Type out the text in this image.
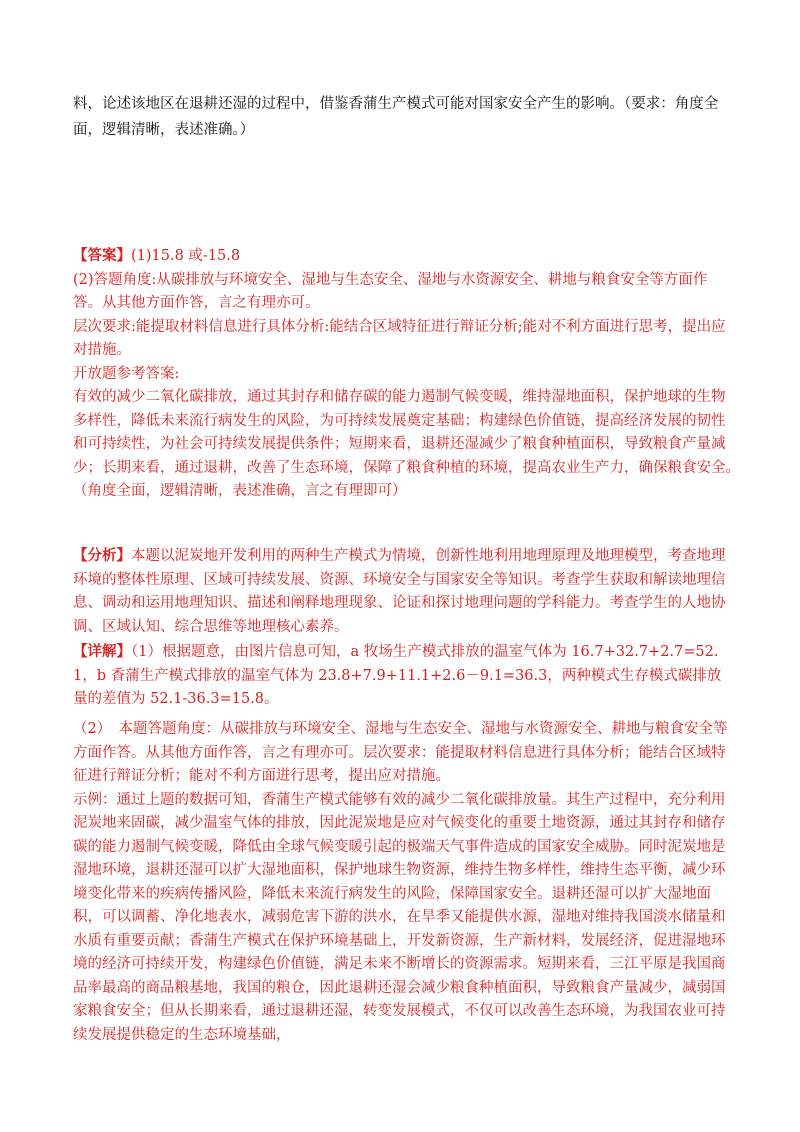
料，论述该地区在退耕还湿的过程中，借鉴香蒲生产模式可能对国家安全产生的影响。（要求：角度全面，逻辑清晰，表述准确。）

【答案】(1)15.8 或-15.8

(2)答题角度:从碳排放与环境安全、湿地与生态安全、湿地与水资源安全、耕地与粮食安全等方面作答。从其他方面作答，言之有理亦可。

层次要求:能提取材料信息进行具体分析:能结合区域特征进行辩证分析;能对不利方面进行思考，提出应对措施。

开放题参考答案:

有效的减少二氧化碳排放，通过其封存和储存碳的能力遏制气候变暖，维持湿地面积，保护地球的生物多样性，降低未来流行病发生的风险，为可持续发展奠定基础；构建绿色价值链，提高经济发展的韧性和可持续性，为社会可持续发展提供条件；短期来看，退耕还湿减少了粮食种植面积，导致粮食产量减少；长期来看，通过退耕，改善了生态环境，保障了粮食种植的环境，提高农业生产力，确保粮食安全。　（角度全面，逻辑清晰，表述准确，言之有理即可）

【分析】本题以泥炭地开发利用的两种生产模式为情境，创新性地利用地理原理及地理模型，考查地理环境的整体性原理、区域可持续发展、资源、环境安全与国家安全等知识。考查学生获取和解读地理信息、调动和运用地理知识、描述和阐释地理现象、论证和探讨地理问题的学科能力。考查学生的人地协调、区域认知、综合思维等地理核心素养。

【详解】（1）根据题意，由图片信息可知，a 牧场生产模式排放的温室气体为 16.7+32.7+2.7=52.1，b 香蒲生产模式排放的温室气体为 23.8+7.9+11.1+2.6－9.1=36.3，两种模式生存模式碳排放量的差值为 52.1-36.3=15.8。

（2）　本题答题角度：从碳排放与环境安全、湿地与生态安全、湿地与水资源安全、耕地与粮食安全等方面作答。从其他方面作答，言之有理亦可。层次要求：能提取材料信息进行具体分析；能结合区域特征进行辩证分析；能对不利方面进行思考，提出应对措施。

示例：通过上题的数据可知，香蒲生产模式能够有效的减少二氧化碳排放量。其生产过程中，充分利用泥炭地来固碳，减少温室气体的排放，因此泥炭地是应对气候变化的重要土地资源，通过其封存和储存碳的能力遏制气候变暖，降低由全球气候变暖引起的极端天气事件造成的国家安全威胁。同时泥炭地是湿地环境，退耕还湿可以扩大湿地面积，保护地球生物资源，维持生物多样性，维持生态平衡，减少环境变化带来的疾病传播风险，降低未来流行病发生的风险，保障国家安全。退耕还湿可以扩大湿地面积，可以调蓄、净化地表水，减弱危害下游的洪水，在旱季又能提供水源，湿地对维持我国淡水储量和水质有重要贡献；香蒲生产模式在保护环境基础上，开发新资源，生产新材料，发展经济，促进湿地环境的经济可持续开发，构建绿色价值链，满足未来不断增长的资源需求。短期来看，三江平原是我国商品率最高的商品粮基地，我国的粮仓，因此退耕还湿会减少粮食种植面积，导致粮食产量减少，减弱国家粮食安全；但从长期来看，通过退耕还湿，转变发展模式，不仅可以改善生态环境，为我国农业可持续发展提供稳定的生态环境基础，
